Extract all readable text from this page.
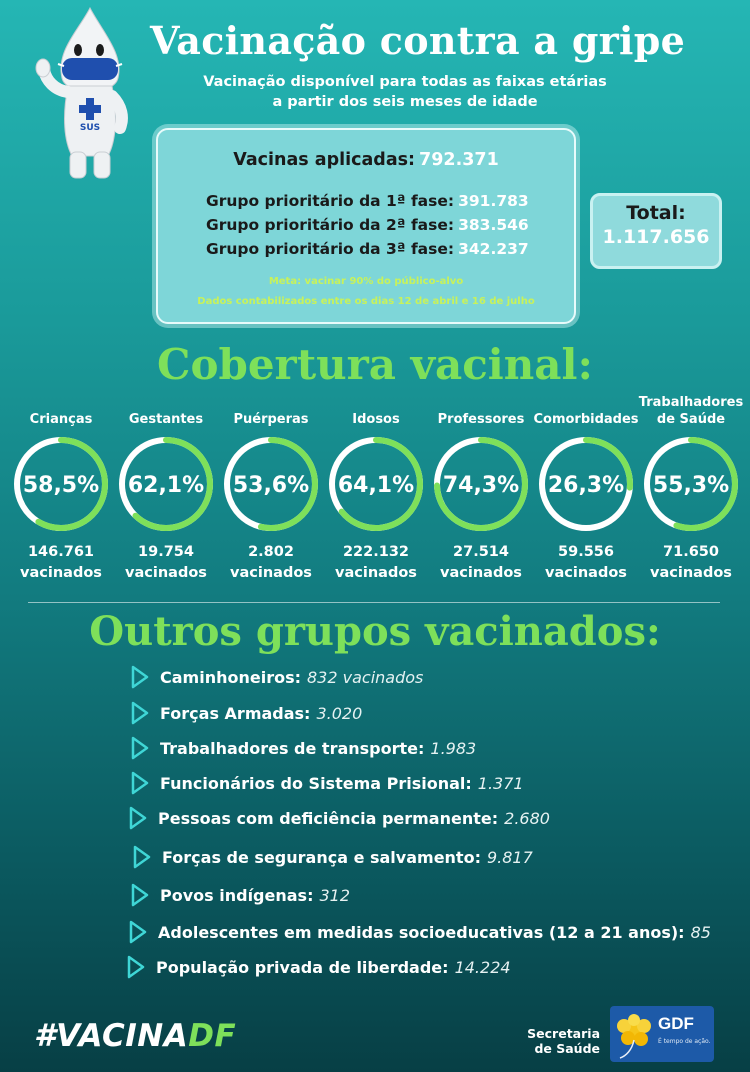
SUS
Vacinação contra a gripe
Vacinação disponível para todas as faixas etárias
a partir dos seis meses de idade
Vacinas aplicadas: 792.371
Grupo prioritário da 1ª fase: 391.783
Grupo prioritário da 2ª fase: 383.546
Grupo prioritário da 3ª fase: 342.237
Meta: vacinar 90% do público-alvo
Dados contabilizados entre os dias 12 de abril e 16 de julho
Total:
1.117.656
Cobertura vacinal:
Crianças
58,5%
146.761
vacinados
Gestantes
62,1%
19.754
vacinados
Puérperas
53,6%
2.802
vacinados
Idosos
64,1%
222.132
vacinados
Professores
74,3%
27.514
vacinados
Comorbidades
26,3%
59.556
vacinados
Trabalhadores de Saúde
55,3%
71.650
vacinados
Outros grupos vacinados:
Caminhoneiros: 832 vacinados
Forças Armadas: 3.020
Trabalhadores de transporte: 1.983
Funcionários do Sistema Prisional: 1.371
Pessoas com deficiência permanente: 2.680
Forças de segurança e salvamento: 9.817
Povos indígenas: 312
Adolescentes em medidas socioeducativas (12 a 21 anos): 85
População privada de liberdade: 14.224
#VACINADF	Secretaria
de Saúde
GDF
É tempo de ação.
